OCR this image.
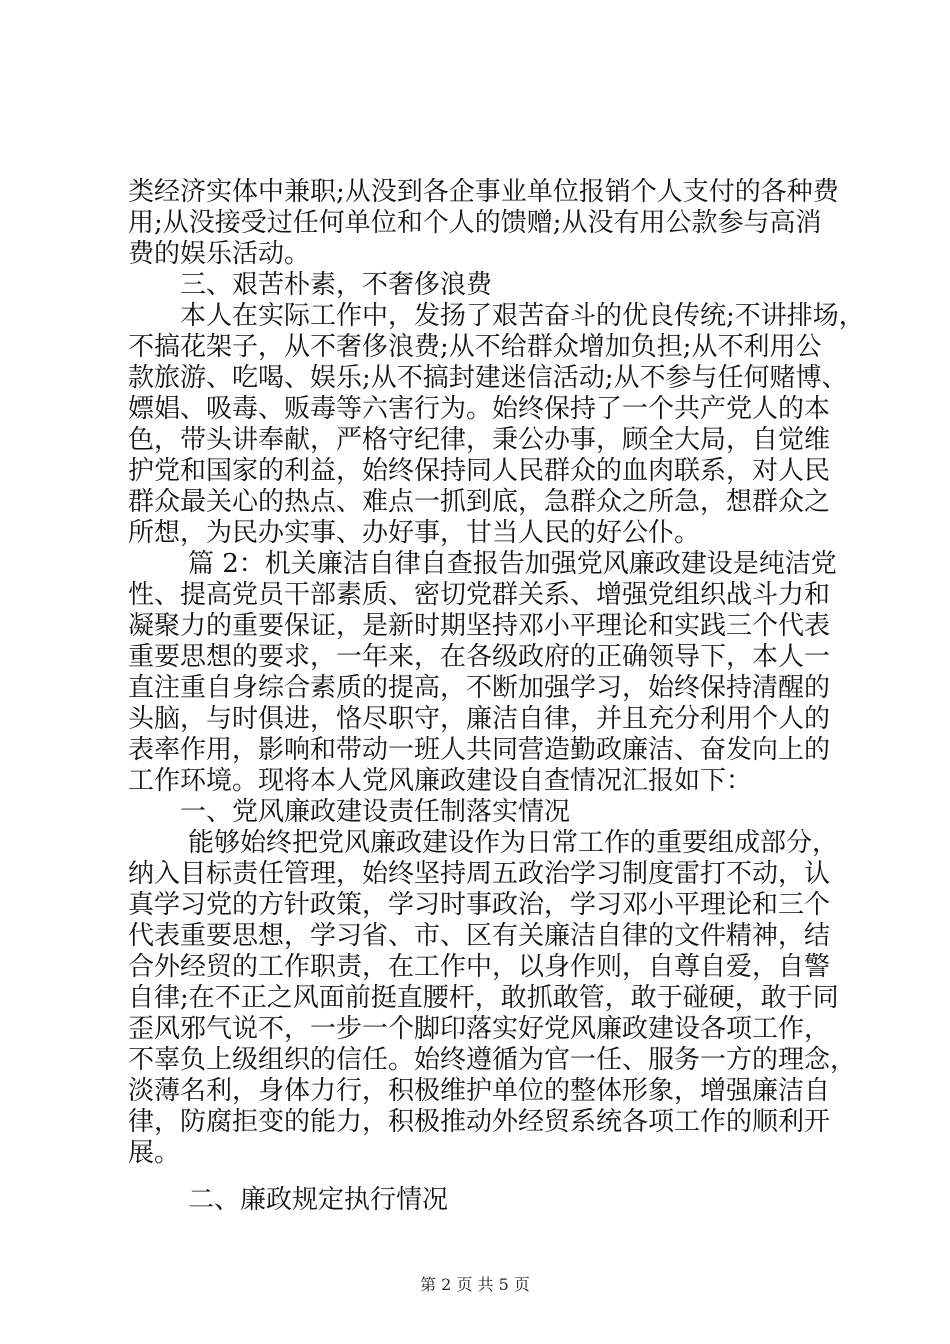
类经济实体中兼职;从没到各企事业单位报销个人支付的各种费
用;从没接受过任何单位和个人的馈赠;从没有用公款参与高消
费的娱乐活动。
三、艰苦朴素，不奢侈浪费
本人在实际工作中，发扬了艰苦奋斗的优良传统;不讲排场，
不搞花架子，从不奢侈浪费;从不给群众增加负担;从不利用公
款旅游、吃喝、娱乐;从不搞封建迷信活动;从不参与任何赌博、
嫖娼、吸毒、贩毒等六害行为。始终保持了一个共产党人的本
色，带头讲奉献，严格守纪律，秉公办事，顾全大局，自觉维
护党和国家的利益，始终保持同人民群众的血肉联系，对人民
群众最关心的热点、难点一抓到底，急群众之所急，想群众之
所想，为民办实事、办好事，甘当人民的好公仆。
篇 2：机关廉洁自律自查报告加强党风廉政建设是纯洁党
性、提高党员干部素质、密切党群关系、增强党组织战斗力和
凝聚力的重要保证，是新时期坚持邓小平理论和实践三个代表
重要思想的要求，一年来，在各级政府的正确领导下，本人一
直注重自身综合素质的提高，不断加强学习，始终保持清醒的
头脑，与时俱进，恪尽职守，廉洁自律，并且充分利用个人的
表率作用，影响和带动一班人共同营造勤政廉洁、奋发向上的
工作环境。现将本人党风廉政建设自查情况汇报如下：
一、党风廉政建设责任制落实情况
能够始终把党风廉政建设作为日常工作的重要组成部分，
纳入目标责任管理，始终坚持周五政治学习制度雷打不动，认
真学习党的方针政策，学习时事政治，学习邓小平理论和三个
代表重要思想，学习省、市、区有关廉洁自律的文件精神，结
合外经贸的工作职责，在工作中，以身作则，自尊自爱，自警
自律;在不正之风面前挺直腰杆，敢抓敢管，敢于碰硬，敢于同
歪风邪气说不，一步一个脚印落实好党风廉政建设各项工作，
不辜负上级组织的信任。始终遵循为官一任、服务一方的理念，
淡薄名利，身体力行，积极维护单位的整体形象，增强廉洁自
律，防腐拒变的能力，积极推动外经贸系统各项工作的顺利开
展。
二、廉政规定执行情况
第 2 页 共 5 页
